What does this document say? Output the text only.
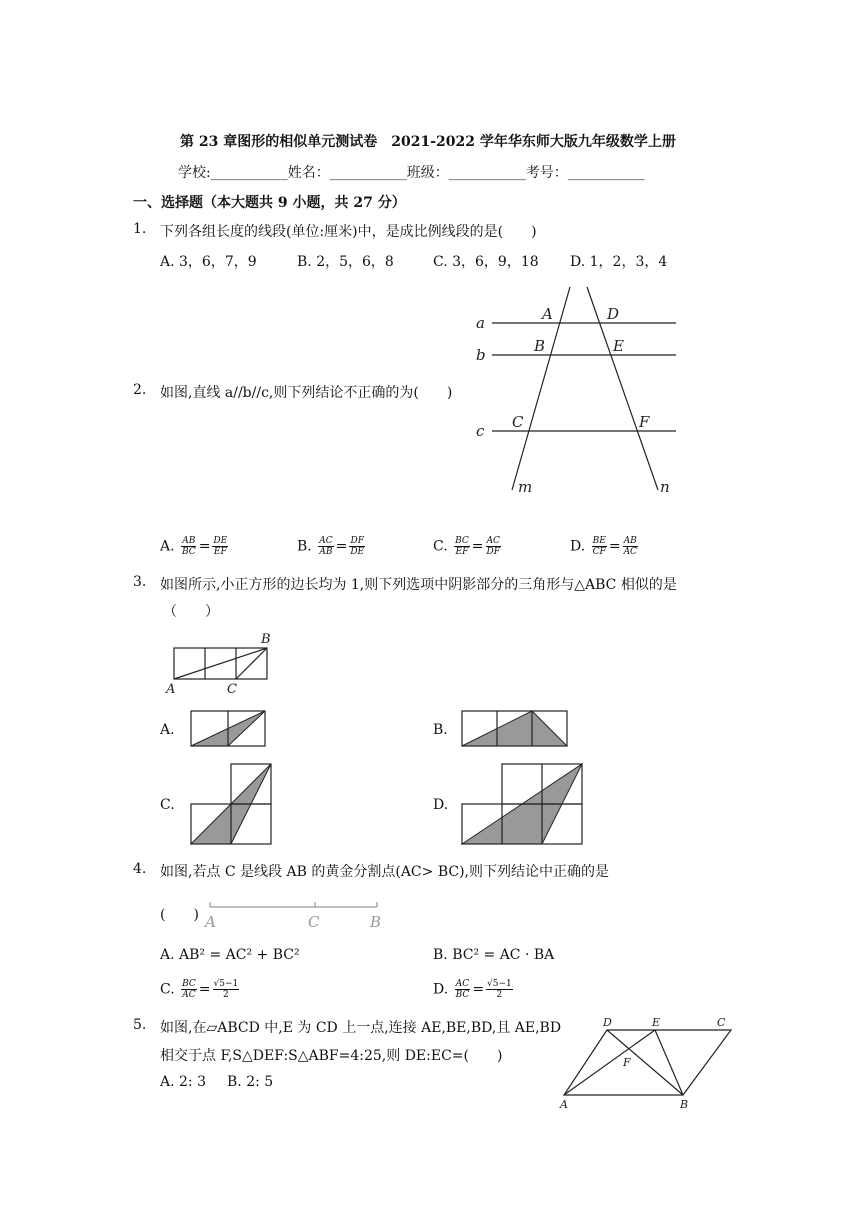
第 23 章图形的相似单元测试卷　2021-2022 学年华东师大版九年级数学上册
学校:___________姓名：___________班级：___________考号：___________
一、选择题（本大题共 9 小题，共 27 分）
1. 下列各组长度的线段(单位:厘米)中，是成比例线段的是(　　)
A. 3，6，7，9	B. 2，5，6，8	C. 3，6，9，18 D. 1，2，3，4
a
b
c
A
B
C
D
E
F
m	n
2. 如图,直线 a//b//c,则下列结论不正确的为(　　)
A. $\frac{AB}{BC} = \frac{DE}{EF}$	B. $\frac{AC}{AB} = \frac{DF}{DE}$	C. $\frac{BC}{EF} = \frac{AC}{DF}$	D. $\frac{BE}{CF} = \frac{AB}{AC}$
3. 如图所示,小正方形的边长均为 1,则下列选项中阴影部分的三角形与△ABC 相似的是
（　　）
B
A	C
A.	B.
C.	D.
4. 如图,若点 C 是线段 AB 的黄金分割点(AC> BC),则下列结论中正确的是
(　　) A	C	B
A. AB² = AC² + BC²	B. BC² = AC · BA
C. $\frac{BC}{AC} = \frac{√5-1}{2}$	D. $\frac{AC}{BC} = \frac{√5-1}{2}$
5. 如图,在▱ABCD 中,E 为 CD 上一点,连接 AE,BE,BD,且 AE,BD
相交于点 F,S△DEF:S△ABF=4:25,则 DE:EC=(　　)
A. 2: 3 B. 2: 5
D	E	C
F
A	B
